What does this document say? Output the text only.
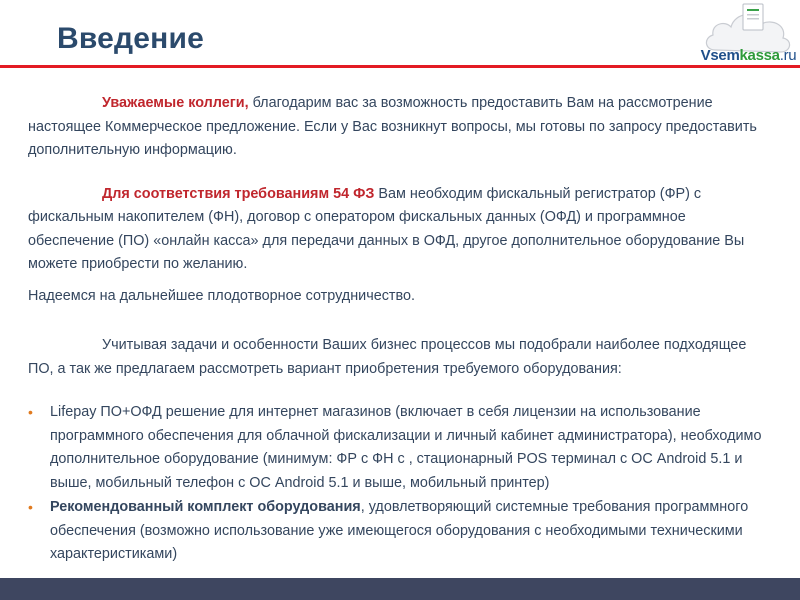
Введение
Vsemkassa.ru

Уважаемые коллеги, благодарим вас за возможность предоставить Вам на рассмотрение настоящее Коммерческое предложение. Если у Вас возникнут вопросы, мы готовы по запросу предоставить дополнительную информацию.

Для соответствия требованиям 54 ФЗ Вам необходим фискальный регистратор (ФР) с фискальным накопителем (ФН), договор с оператором фискальных данных (ОФД) и программное обеспечение (ПО) «онлайн касса» для передачи данных в ОФД, другое дополнительное оборудование Вы можете приобрести по желанию.

Надеемся на дальнейшее плодотворное сотрудничество.

Учитывая задачи и особенности Ваших бизнес процессов мы подобрали наиболее подходящее ПО, а так же предлагаем рассмотреть вариант приобретения требуемого оборудования:

• Lifepay ПО+ОФД решение для интернет магазинов (включает в себя лицензии на использование программного обеспечения для облачной фискализации и личный кабинет администратора), необходимо дополнительное оборудование (минимум: ФР с ФН с , стационарный POS терминал с ОС Android 5.1 и выше, мобильный телефон с ОС Android 5.1 и выше, мобильный принтер)
• Рекомендованный комплект оборудования, удовлетворяющий системные требования программного обеспечения (возможно использование уже имеющегося оборудования с необходимыми техническими характеристиками)
